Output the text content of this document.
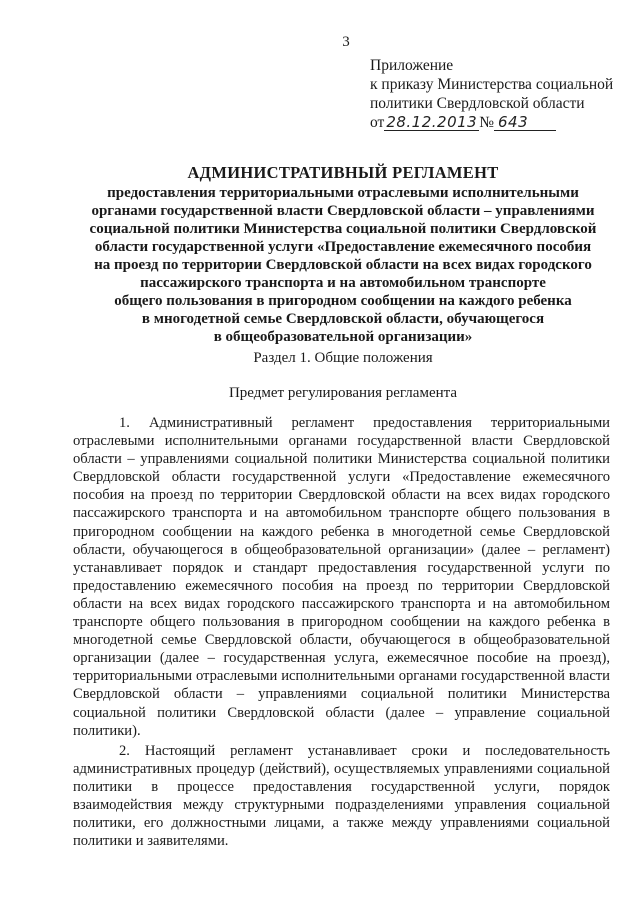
3
Приложение
к приказу Министерства социальной
политики Свердловской области
от 28.12.2013 № 643
АДМИНИСТРАТИВНЫЙ РЕГЛАМЕНТ
предоставления территориальными отраслевыми исполнительными
органами государственной власти Свердловской области – управлениями
социальной политики Министерства социальной политики Свердловской
области государственной услуги «Предоставление ежемесячного пособия
на проезд по территории Свердловской области на всех видах городского
пассажирского транспорта и на автомобильном транспорте
общего пользования в пригородном сообщении на каждого ребенка
в многодетной семье Свердловской области, обучающегося
в общеобразовательной организации»
Раздел 1. Общие положения
Предмет регулирования регламента

1. Административный регламент предоставления территориальными отраслевыми исполнительными органами государственной власти Свердловской области – управлениями социальной политики Министерства социальной политики Свердловской области государственной услуги «Предоставление ежемесячного пособия на проезд по территории Свердловской области на всех видах городского пассажирского транспорта и на автомобильном транспорте общего пользования в пригородном сообщении на каждого ребенка в многодетной семье Свердловской области, обучающегося в общеобразовательной организации» (далее – регламент) устанавливает порядок и стандарт предоставления государственной услуги по предоставлению ежемесячного пособия на проезд по территории Свердловской области на всех видах городского пассажирского транспорта и на автомобильном транспорте общего пользования в пригородном сообщении на каждого ребенка в многодетной семье Свердловской области, обучающегося в общеобразовательной организации (далее – государственная услуга, ежемесячное пособие на проезд), территориальными отраслевыми исполнительными органами государственной власти Свердловской области – управлениями социальной политики Министерства социальной политики Свердловской области (далее – управление социальной политики).

2. Настоящий регламент устанавливает сроки и последовательность административных процедур (действий), осуществляемых управлениями социальной политики в процессе предоставления государственной услуги, порядок взаимодействия между структурными подразделениями управления социальной политики, его должностными лицами, а также между управлениями социальной политики и заявителями.
